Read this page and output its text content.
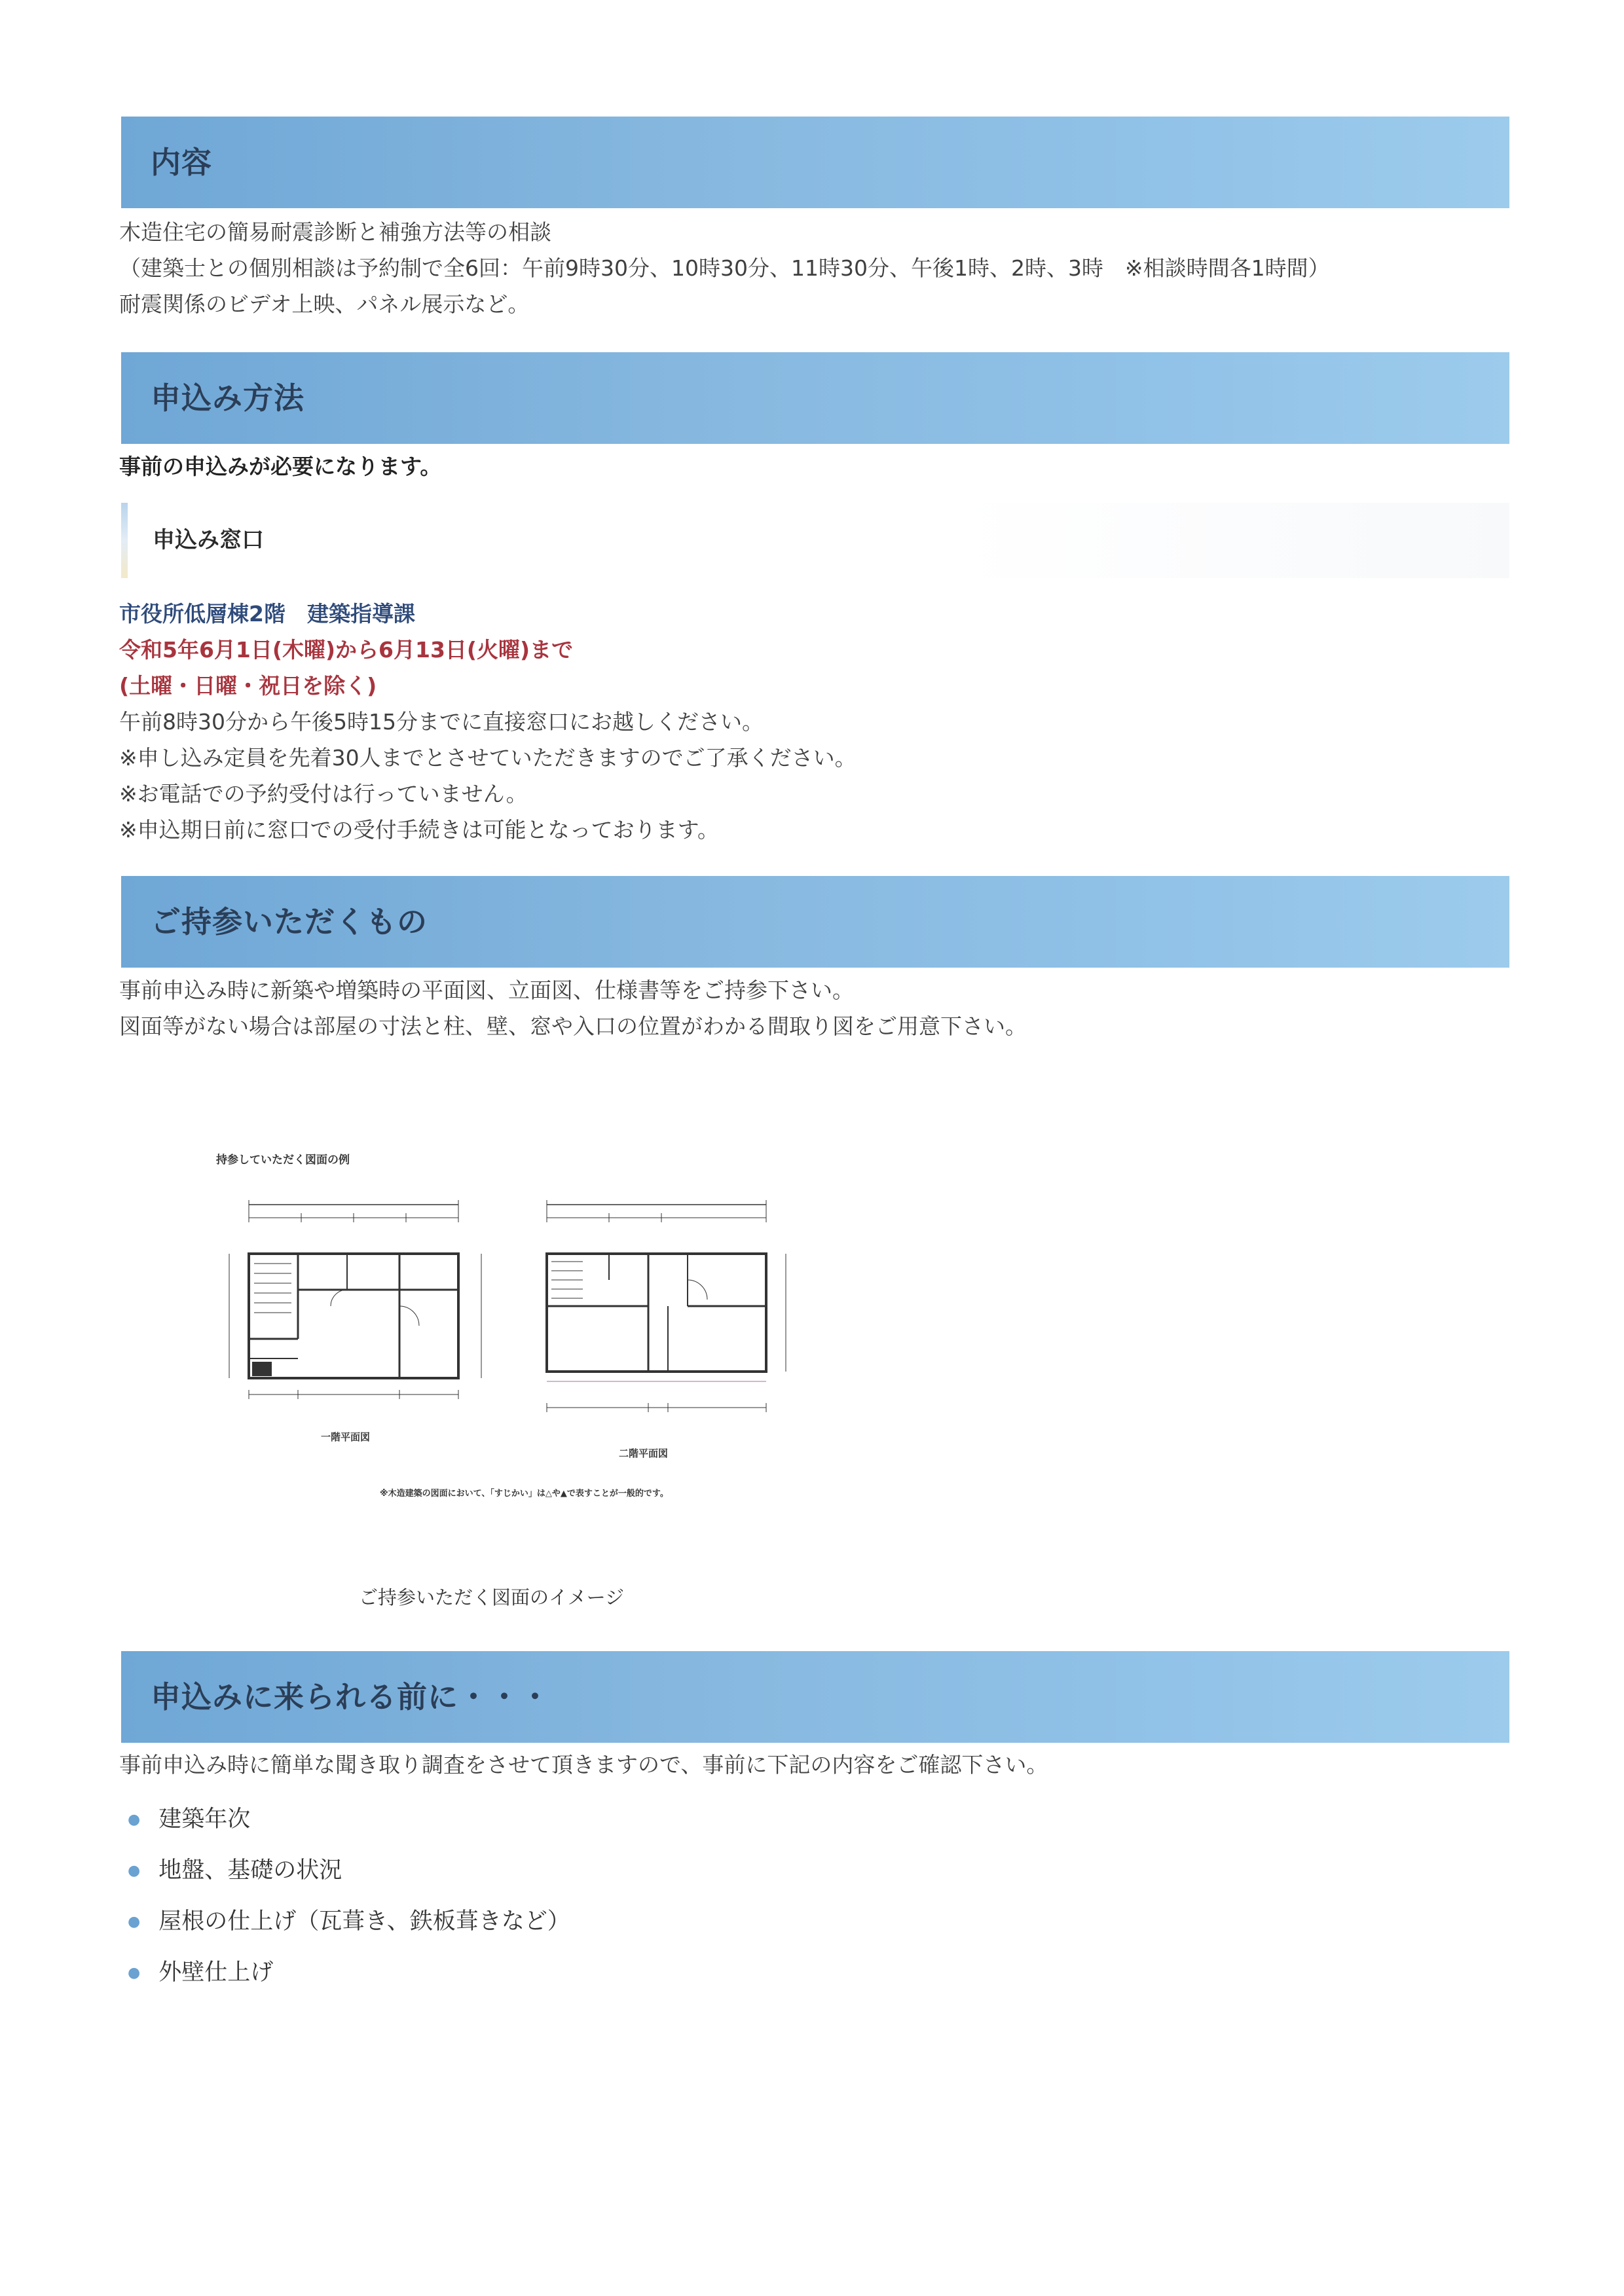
内容
木造住宅の簡易耐震診断と補強方法等の相談
（建築士との個別相談は予約制で全6回：午前9時30分、10時30分、11時30分、午後1時、2時、3時　※相談時間各1時間）
耐震関係のビデオ上映、パネル展示など。
申込み方法
事前の申込みが必要になります。
申込み窓口
市役所低層棟2階　建築指導課
令和5年6月1日(木曜)から6月13日(火曜)まで
(土曜・日曜・祝日を除く)
午前8時30分から午後5時15分までに直接窓口にお越しください。
※申し込み定員を先着30人までとさせていただきますのでご了承ください。
※お電話での予約受付は行っていません。
※申込期日前に窓口での受付手続きは可能となっております。
ご持参いただくもの
事前申込み時に新築や増築時の平面図、立面図、仕様書等をご持参下さい。
図面等がない場合は部屋の寸法と柱、壁、窓や入口の位置がわかる間取り図をご用意下さい。
持参していただく図面の例
一階平面図
二階平面図
※木造建築の図面において、「すじかい」は△や▲で表すことが一般的です。
ご持参いただく図面のイメージ
申込みに来られる前に・・・
事前申込み時に簡単な聞き取り調査をさせて頂きますので、事前に下記の内容をご確認下さい。
● 建築年次
● 地盤、基礎の状況
● 屋根の仕上げ（瓦葺き、鉄板葺きなど）
● 外壁仕上げ
